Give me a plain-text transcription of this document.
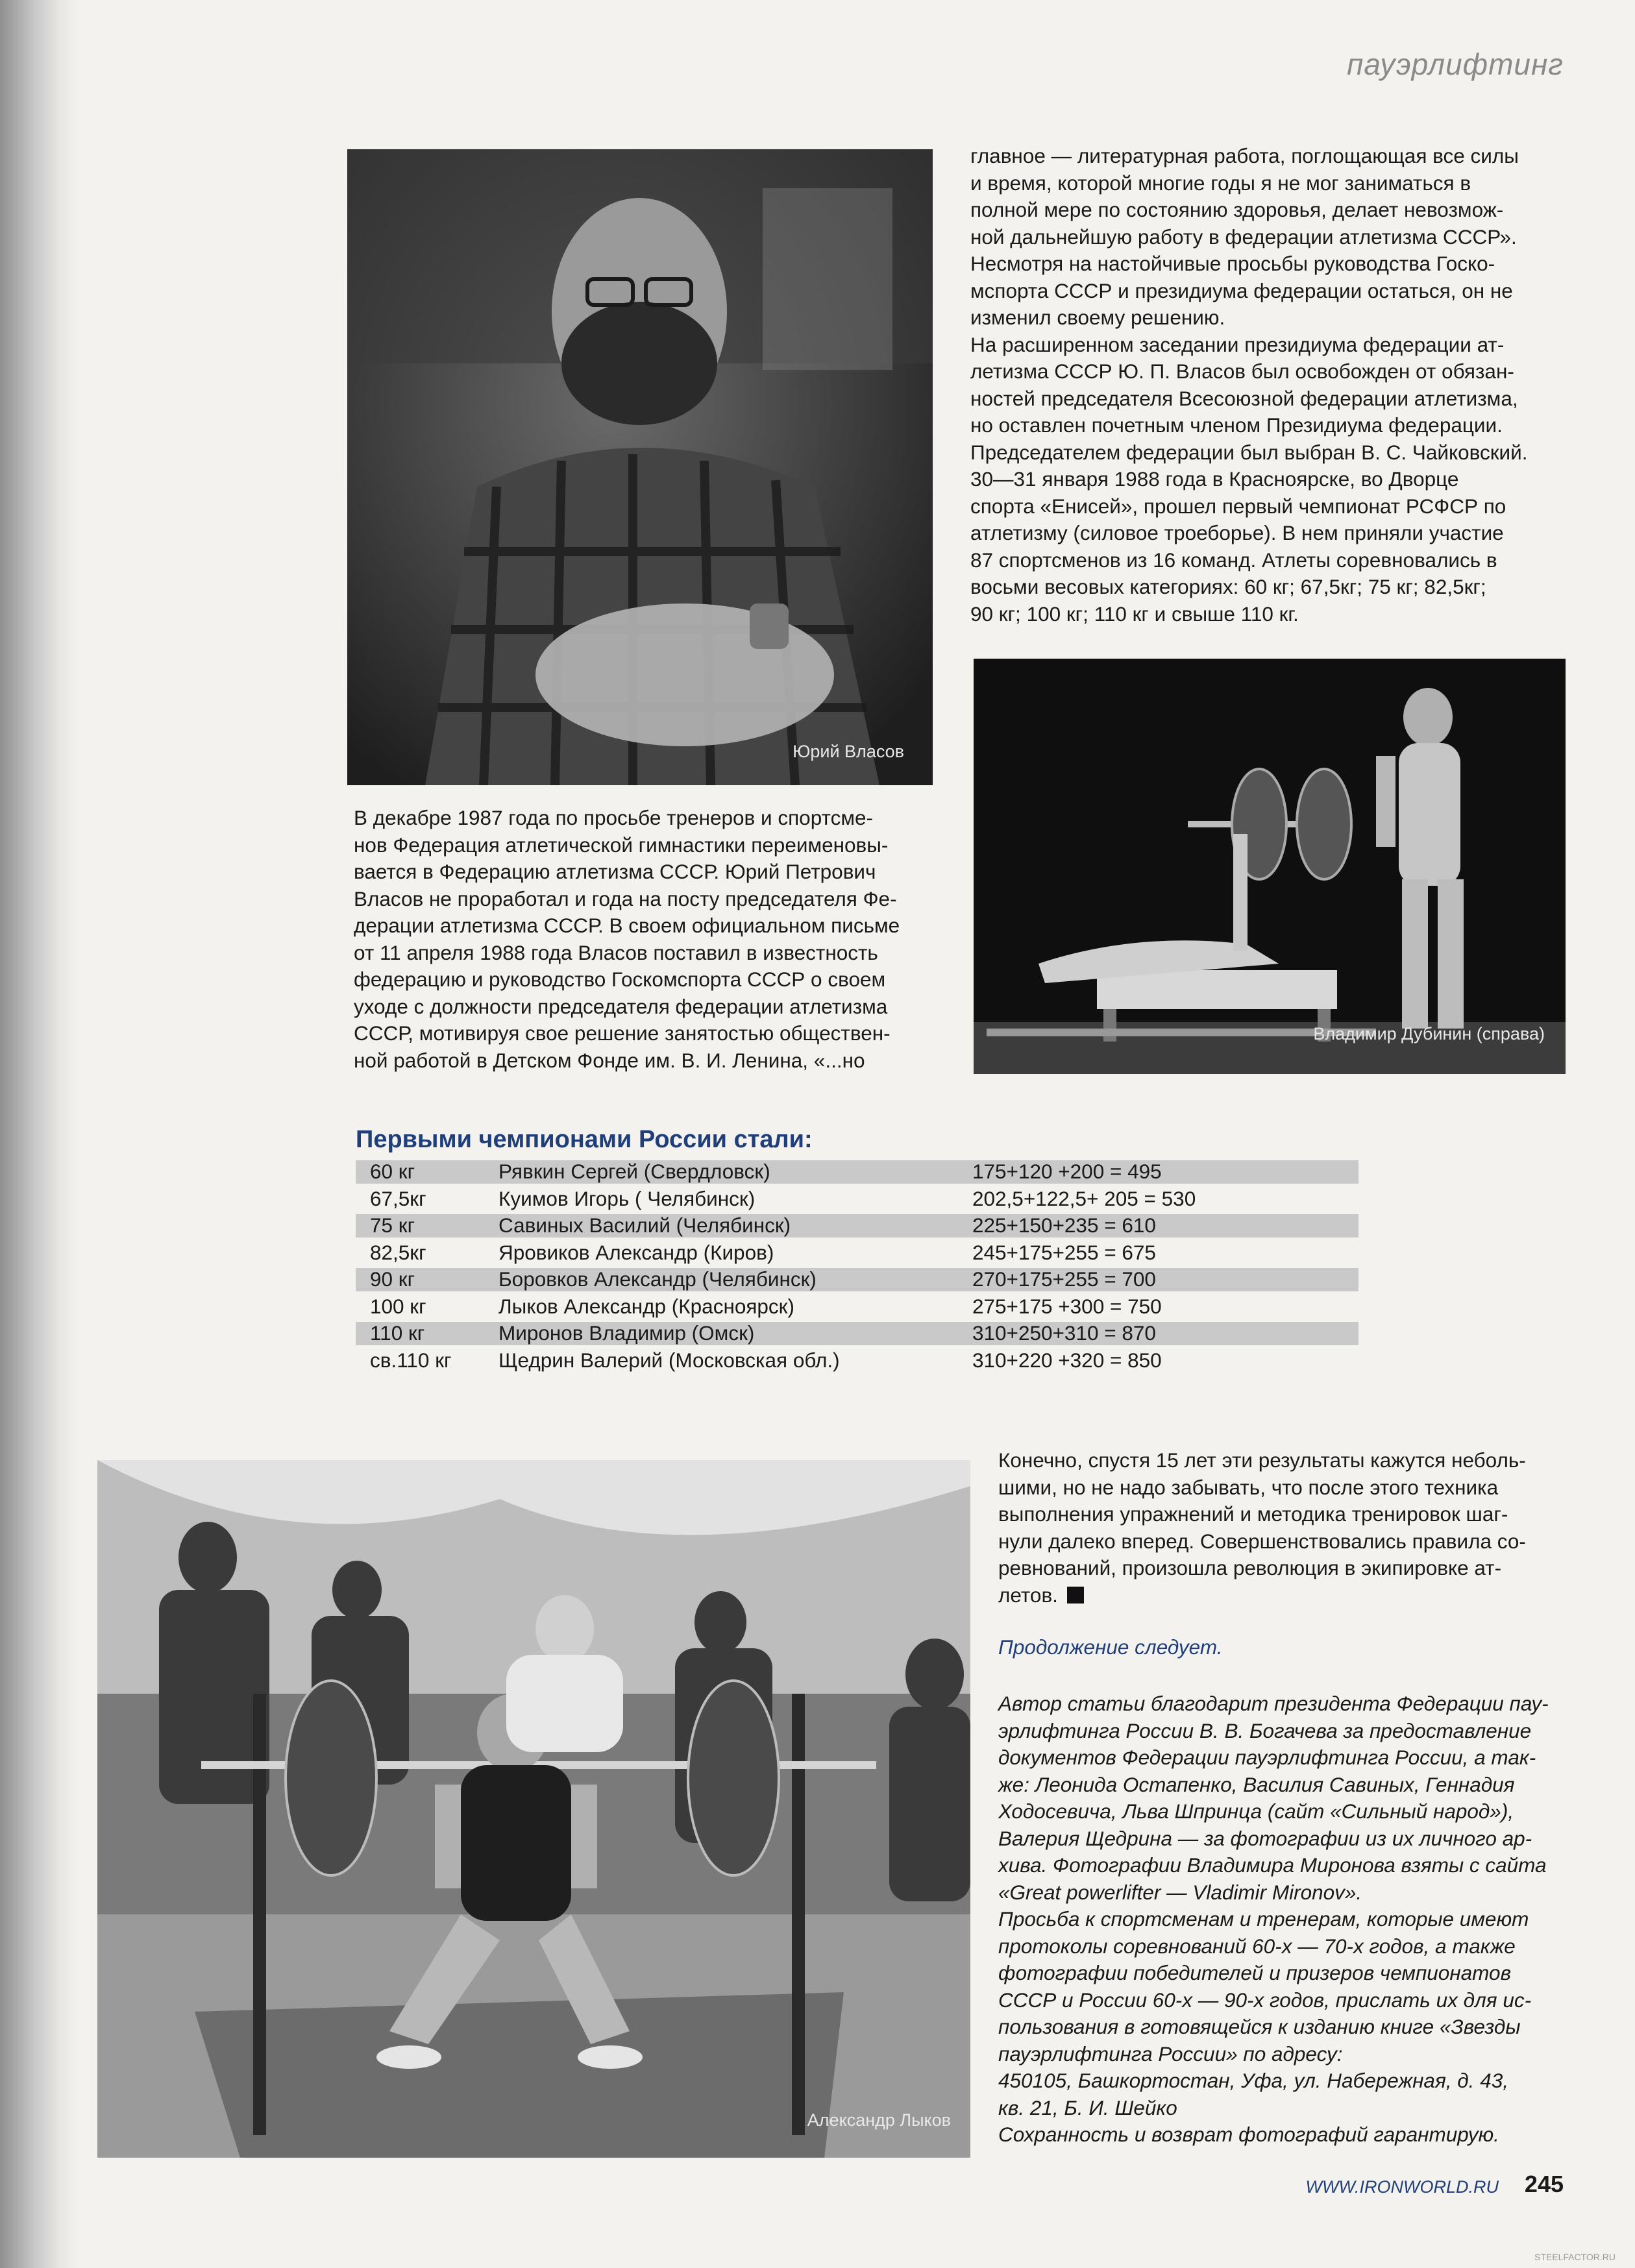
пауэрлифтинг
Юрий Власов

главное — литературная работа, поглощающая все силы

и время, которой многие годы я не мог заниматься в

полной мере по состоянию здоровья, делает невозмож-

ной дальнейшую работу в федерации атлетизма СССР».

Несмотря на настойчивые просьбы руководства Госко-

мспорта СССР и президиума федерации остаться, он не

изменил своему решению.

На расширенном заседании президиума федерации ат-

летизма СССР Ю. П. Власов был освобожден от обязан-

ностей председателя Всесоюзной федерации атлетизма,

но оставлен почетным членом Президиума федерации.

Председателем федерации был выбран В. С. Чайковский.

30—31 января 1988 года в Красноярске, во Дворце

спорта «Енисей», прошел первый чемпионат РСФСР по

атлетизму (силовое троеборье). В нем приняли участие

87 спортсменов из 16 команд. Атлеты соревновались в

восьми весовых категориях: 60 кг; 67,5кг; 75 кг; 82,5кг;

90 кг; 100 кг; 110 кг и свыше 110 кг.

Владимир Дубинин (справа)

В декабре 1987 года по просьбе тренеров и спортсме-

нов Федерация атлетической гимнастики переименовы-

вается в Федерацию атлетизма СССР. Юрий Петрович

Власов не проработал и года на посту председателя Фе-

дерации атлетизма СССР. В своем официальном письме

от 11 апреля 1988 года Власов поставил в известность

федерацию и руководство Госкомспорта СССР о своем

уходе с должности председателя федерации атлетизма

СССР, мотивируя свое решение занятостью обществен-

ной работой в Детском Фонде им. В. И. Ленина, «...но

Первыми чемпионами России стали:
60 кг	Рявкин Сергей (Свердловск)	175+120 +200 = 495
67,5кг	Куимов Игорь ( Челябинск)	202,5+122,5+ 205 = 530
75 кг	Савиных Василий (Челябинск)	225+150+235 = 610
82,5кг	Яровиков Александр (Киров)	245+175+255 = 675
90 кг	Боровков Александр (Челябинск)	270+175+255 = 700
100 кг	Лыков Александр (Красноярск)	275+175 +300 = 750
110 кг	Миронов Владимир (Омск)	310+250+310 = 870
св.110 кг Щедрин Валерий (Московская обл.)	310+220 +320 = 850
Александр Лыков

Конечно, спустя 15 лет эти результаты кажутся неболь-

шими, но не надо забывать, что после этого техника

выполнения упражнений и методика тренировок шаг-

нули далеко вперед. Совершенствовались правила со-

ревнований, произошла революция в экипировке ат-

летов.

Продолжение следует.

Автор статьи благодарит президента Федерации пау-

эрлифтинга России В. В. Богачева за предоставление

документов Федерации пауэрлифтинга России, а так-

же: Леонида Остапенко, Василия Савиных, Геннадия

Ходосевича, Льва Шпринца (сайт «Сильный народ»),

Валерия Щедрина — за фотографии из их личного ар-

хива. Фотографии Владимира Миронова взяты с сайта

«Great powerlifter — Vladimir Mironov».

Просьба к спортсменам и тренерам, которые имеют

протоколы соревнований 60-х — 70-х годов, а также

фотографии победителей и призеров чемпионатов

СССР и России 60-х — 90-х годов, прислать их для ис-

пользования в готовящейся к изданию книге «Звезды

пауэрлифтинга России» по адресу:

450105, Башкортостан, Уфа, ул. Набережная, д. 43,

кв. 21, Б. И. Шейко

Сохранность и возврат фотографий гарантирую.

WWW.IRONWORLD.RU 245
STEELFACTOR.RU
